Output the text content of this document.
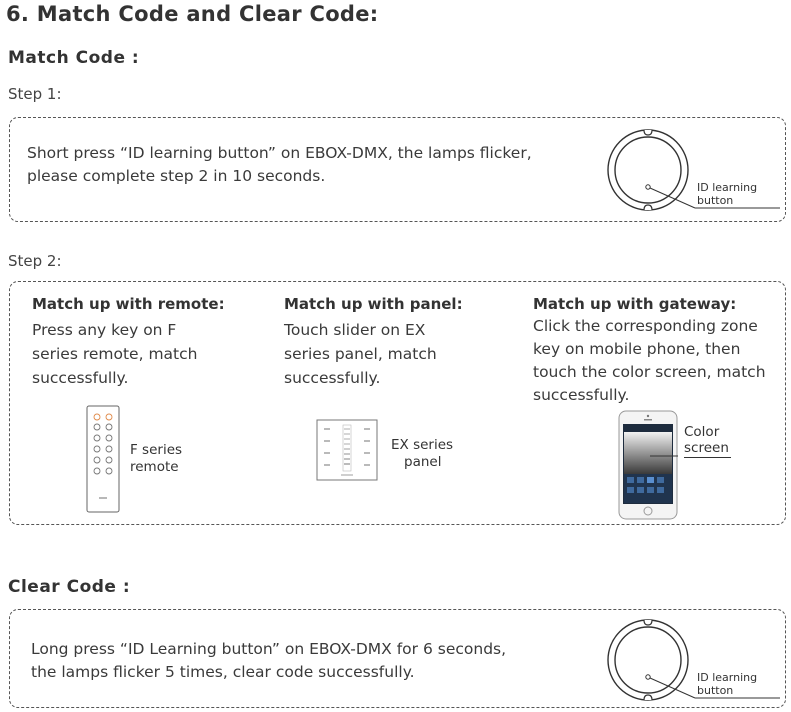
6. Match Code and Clear Code:
Match Code :
Step 1:
Short press “ID learning button” on EBOX-DMX, the lamps flicker,
please complete step 2 in 10 seconds.
ID learning
button
Step 2:
Match up with remote:
Press any key on F
series remote, match
successfully.
F series
remote
Match up with panel:
Touch slider on EX
series panel, match
successfully.
EX series
panel
Match up with gateway:
Click the corresponding zone
key on mobile phone, then
touch the color screen, match
successfully.
Color
screen
Clear Code :
Long press “ID Learning button” on EBOX-DMX for 6 seconds,
the lamps flicker 5 times, clear code successfully.	ID learning
button
